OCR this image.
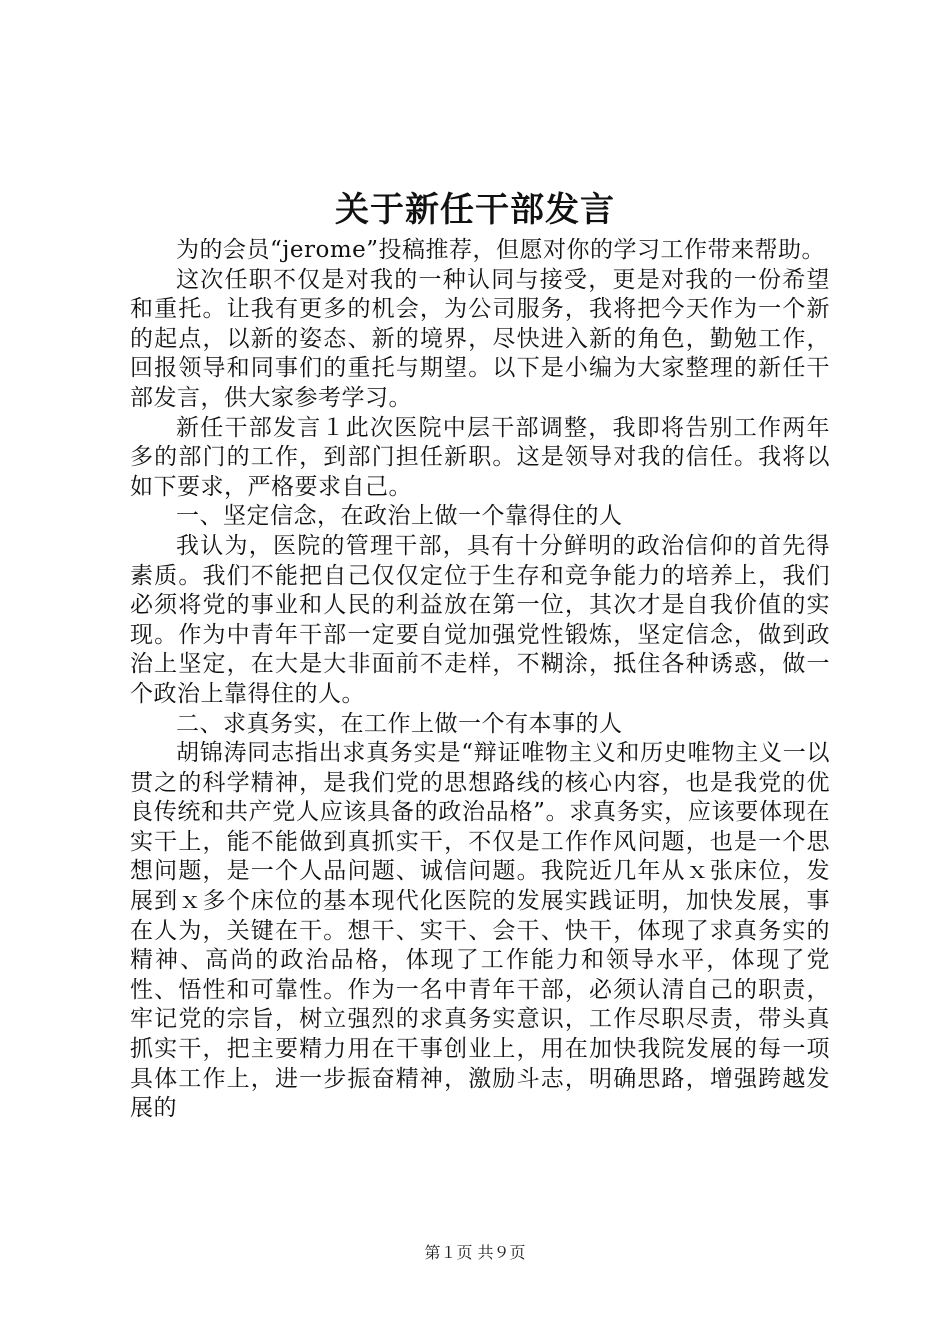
关于新任干部发言

为的会员“jerome”投稿推荐，但愿对你的学习工作带来帮助。

这次任职不仅是对我的一种认同与接受，更是对我的一份希望和重托。让我有更多的机会，为公司服务，我将把今天作为一个新的起点，以新的姿态、新的境界，尽快进入新的角色，勤勉工作，回报领导和同事们的重托与期望。以下是小编为大家整理的新任干部发言，供大家参考学习。

新任干部发言１此次医院中层干部调整，我即将告别工作两年多的部门的工作，到部门担任新职。这是领导对我的信任。我将以如下要求，严格要求自己。

一、坚定信念，在政治上做一个靠得住的人

我认为，医院的管理干部，具有十分鲜明的政治信仰的首先得素质。我们不能把自己仅仅定位于生存和竞争能力的培养上，我们必须将党的事业和人民的利益放在第一位，其次才是自我价值的实现。作为中青年干部一定要自觉加强党性锻炼，坚定信念，做到政治上坚定，在大是大非面前不走样，不糊涂，抵住各种诱惑，做一个政治上靠得住的人。

二、求真务实，在工作上做一个有本事的人

胡锦涛同志指出求真务实是“辩证唯物主义和历史唯物主义一以贯之的科学精神，是我们党的思想路线的核心内容，也是我党的优良传统和共产党人应该具备的政治品格”。求真务实，应该要体现在实干上，能不能做到真抓实干，不仅是工作作风问题，也是一个思想问题，是一个人品问题、诚信问题。我院近几年从ｘ张床位，发展到ｘ多个床位的基本现代化医院的发展实践证明，加快发展，事在人为，关键在干。想干、实干、会干、快干，体现了求真务实的精神、高尚的政治品格，体现了工作能力和领导水平，体现了党性、悟性和可靠性。作为一名中青年干部，必须认清自己的职责，牢记党的宗旨，树立强烈的求真务实意识，工作尽职尽责，带头真抓实干，把主要精力用在干事创业上，用在加快我院发展的每一项具体工作上，进一步振奋精神，激励斗志，明确思路，增强跨越发展的

第１页 共９页
